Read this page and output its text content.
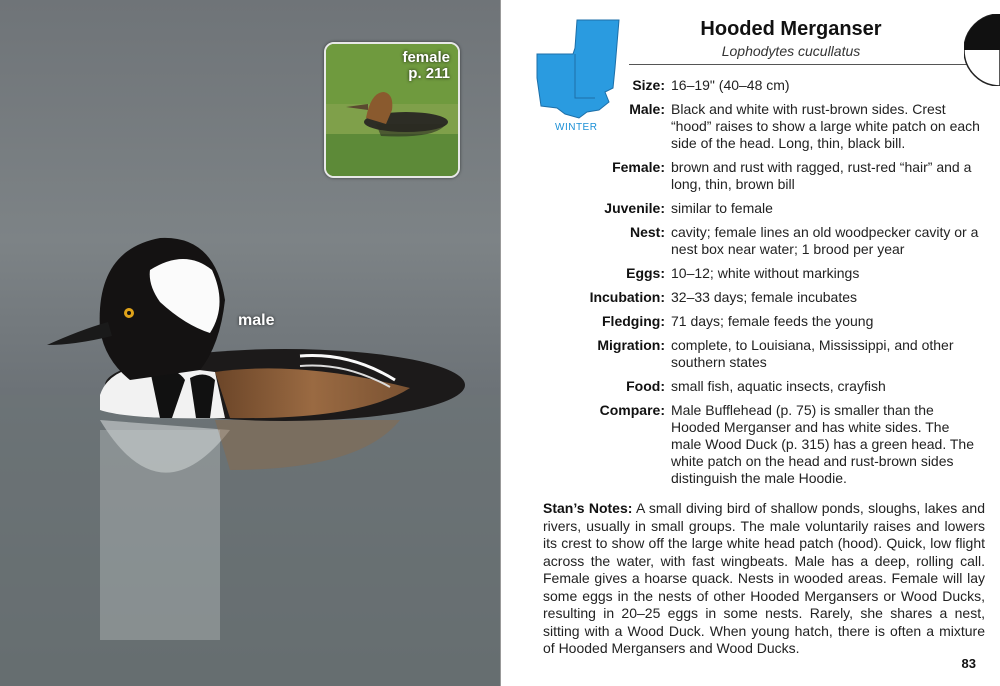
female
p. 211
male
WINTER
Hooded Merganser
Lophodytes cucullatus
Size: 16–19" (40–48 cm)
Male: Black and white with rust-brown sides. Crest “hood” raises to show a large white patch on each side of the head. Long, thin, black bill.
Female: brown and rust with ragged, rust-red “hair” and a long, thin, brown bill
Juvenile: similar to female
Nest: cavity; female lines an old woodpecker cavity or a nest box near water; 1 brood per year
Eggs: 10–12; white without markings
Incubation: 32–33 days; female incubates
Fledging: 71 days; female feeds the young
Migration: complete, to Louisiana, Mississippi, and other southern states
Food: small fish, aquatic insects, crayfish
Compare: Male Bufflehead (p. 75) is smaller than the Hooded Merganser and has white sides. The male Wood Duck (p. 315) has a green head. The white patch on the head and rust-brown sides distinguish the male Hoodie.
Stan’s Notes: A small diving bird of shallow ponds, sloughs, lakes and rivers, usually in small groups. The male voluntarily raises and lowers its crest to show off the large white head patch (hood). Quick, low flight across the water, with fast wingbeats. Male has a deep, rolling call. Female gives a hoarse quack. Nests in wooded areas. Female will lay some eggs in the nests of other Hooded Mergansers or Wood Ducks, resulting in 20–25 eggs in some nests. Rarely, she shares a nest, sitting with a Wood Duck. When young hatch, there is often a mixture of Hooded Mergansers and Wood Ducks.
83
